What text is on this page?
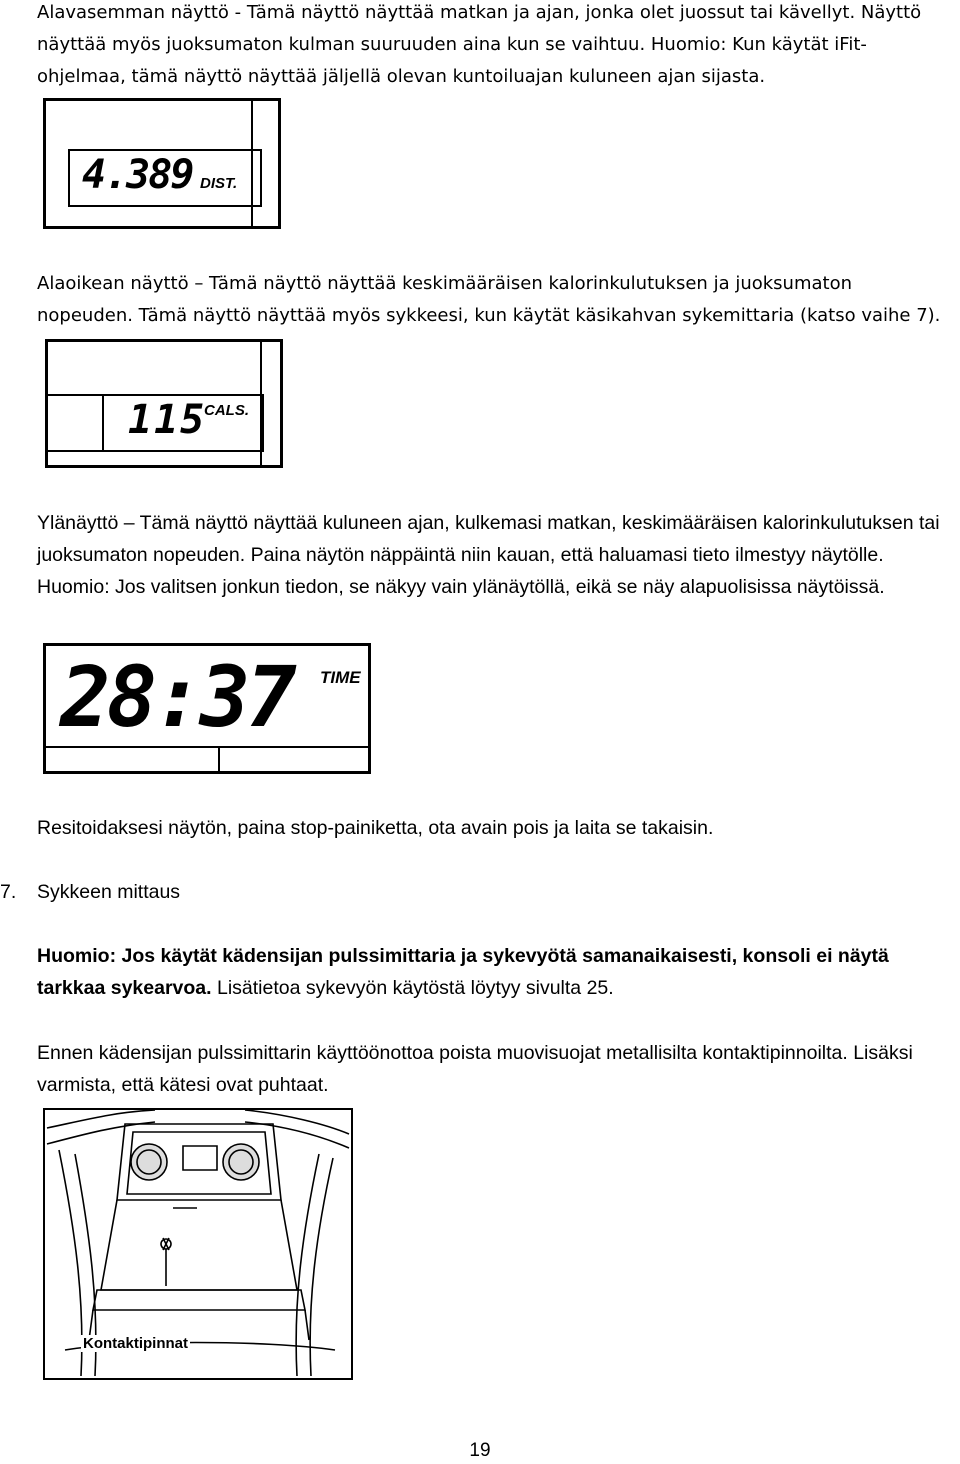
Alavasemman näyttö - Tämä näyttö näyttää matkan ja ajan, jonka olet juossut tai kävellyt. Näyttö näyttää myös juoksumaton kulman suuruuden aina kun se vaihtuu. Huomio: Kun käytät iFit-ohjelmaa, tämä näyttö näyttää jäljellä olevan kuntoiluajan kuluneen ajan sijasta.

4.389 DIST.

Alaoikean näyttö – Tämä näyttö näyttää keskimääräisen kalorinkulutuksen ja juoksumaton nopeuden. Tämä näyttö näyttää myös sykkeesi, kun käytät käsikahvan sykemittaria (katso vaihe 7).

115
CALS.

Ylänäyttö – Tämä näyttö näyttää kuluneen ajan, kulkemasi matkan, keskimääräisen kalorinkulutuksen tai juoksumaton nopeuden. Paina näytön näppäintä niin kauan, että haluamasi tieto ilmestyy näytölle. Huomio: Jos valitsen jonkun tiedon, se näkyy vain ylänäytöllä, eikä se näy alapuolisissa näytöissä.

28:37 TIME

Resitoidaksesi näytön, paina stop-painiketta, ota avain pois ja laita se takaisin.

7. Sykkeen mittaus

Huomio: Jos käytät kädensijan pulssimittaria ja sykevyötä samanaikaisesti, konsoli ei näytä tarkkaa sykearvoa. Lisätietoa sykevyön käytöstä löytyy sivulta 25.

Ennen kädensijan pulssimittarin käyttöönottoa poista muovisuojat metallisilta kontaktipinnoilta. Lisäksi varmista, että kätesi ovat puhtaat.

Kontaktipinnat
19
